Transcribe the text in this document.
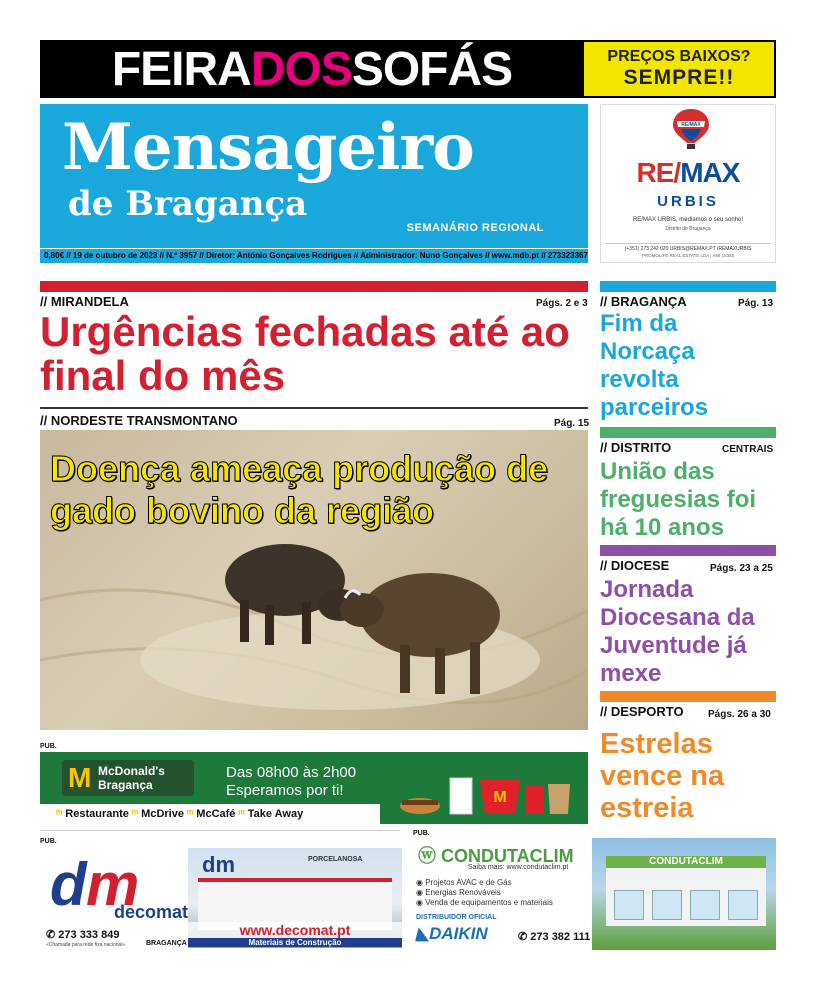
FEIRA DOS SOFÁS	PREÇOS BAIXOS?
SEMPRE!!
Mensageiro
de Bragança
SEMANÁRIO REGIONAL
0,80€ // 19 de outubro de 2023 // N.º 3957 // Diretor: António Gonçalves Rodrigues // Administrador: Nuno Gonçalves // www.mdb.pt // 273323367
RE/MAX
RE/MAX
URBIS
RE/MAX URBIS, mediamos o seu sonho!
Distrito de Bragança
(+351) 273 242 020 URBIS@REMAX.PT /REMAXURBIS
PROMOLIFE REAL ESTATE LDA | AMI 18385
// MIRANDELA	Págs. 2 e 3
Urgências fechadas até ao final do mês
// NORDESTE TRANSMONTANO	Pág. 15
Doença ameaça produção de gado bovino da região
PUB.
M McDonald's
Bragança
Das 08h00 às 2h00
Esperamos por ti!	M
ᵐ Restaurante ᵐ McDrive ᵐ McCafé ᵐ Take Away
// BRAGANÇA	Pág. 13
Fim da Norcaça revolta parceiros
// DISTRITO	CENTRAIS
União das freguesias foi há 10 anos
// DIOCESE	Págs. 23 a 25
Jornada Diocesana da Juventude já mexe
// DESPORTO Págs. 26 a 30
Estrelas vence na estreia
PUB.
d m
decomat
✆ 273 333 849
«Chamada para rede fixa nacional»	BRAGANÇA
dm	PORCELANOSA
www.decomat.pt
Materiais de Construção
PUB.
ⓦ CONDUTACLIM
Saiba mais: www.condutaclim.pt
◉ Projetos AVAC e de Gás
◉ Energias Renováveis
◉ Venda de equipamentos e materiais
DISTRIBUIDOR OFICIAL
◣DAIKIN	✆ 273 382 111
CONDUTACLIM
